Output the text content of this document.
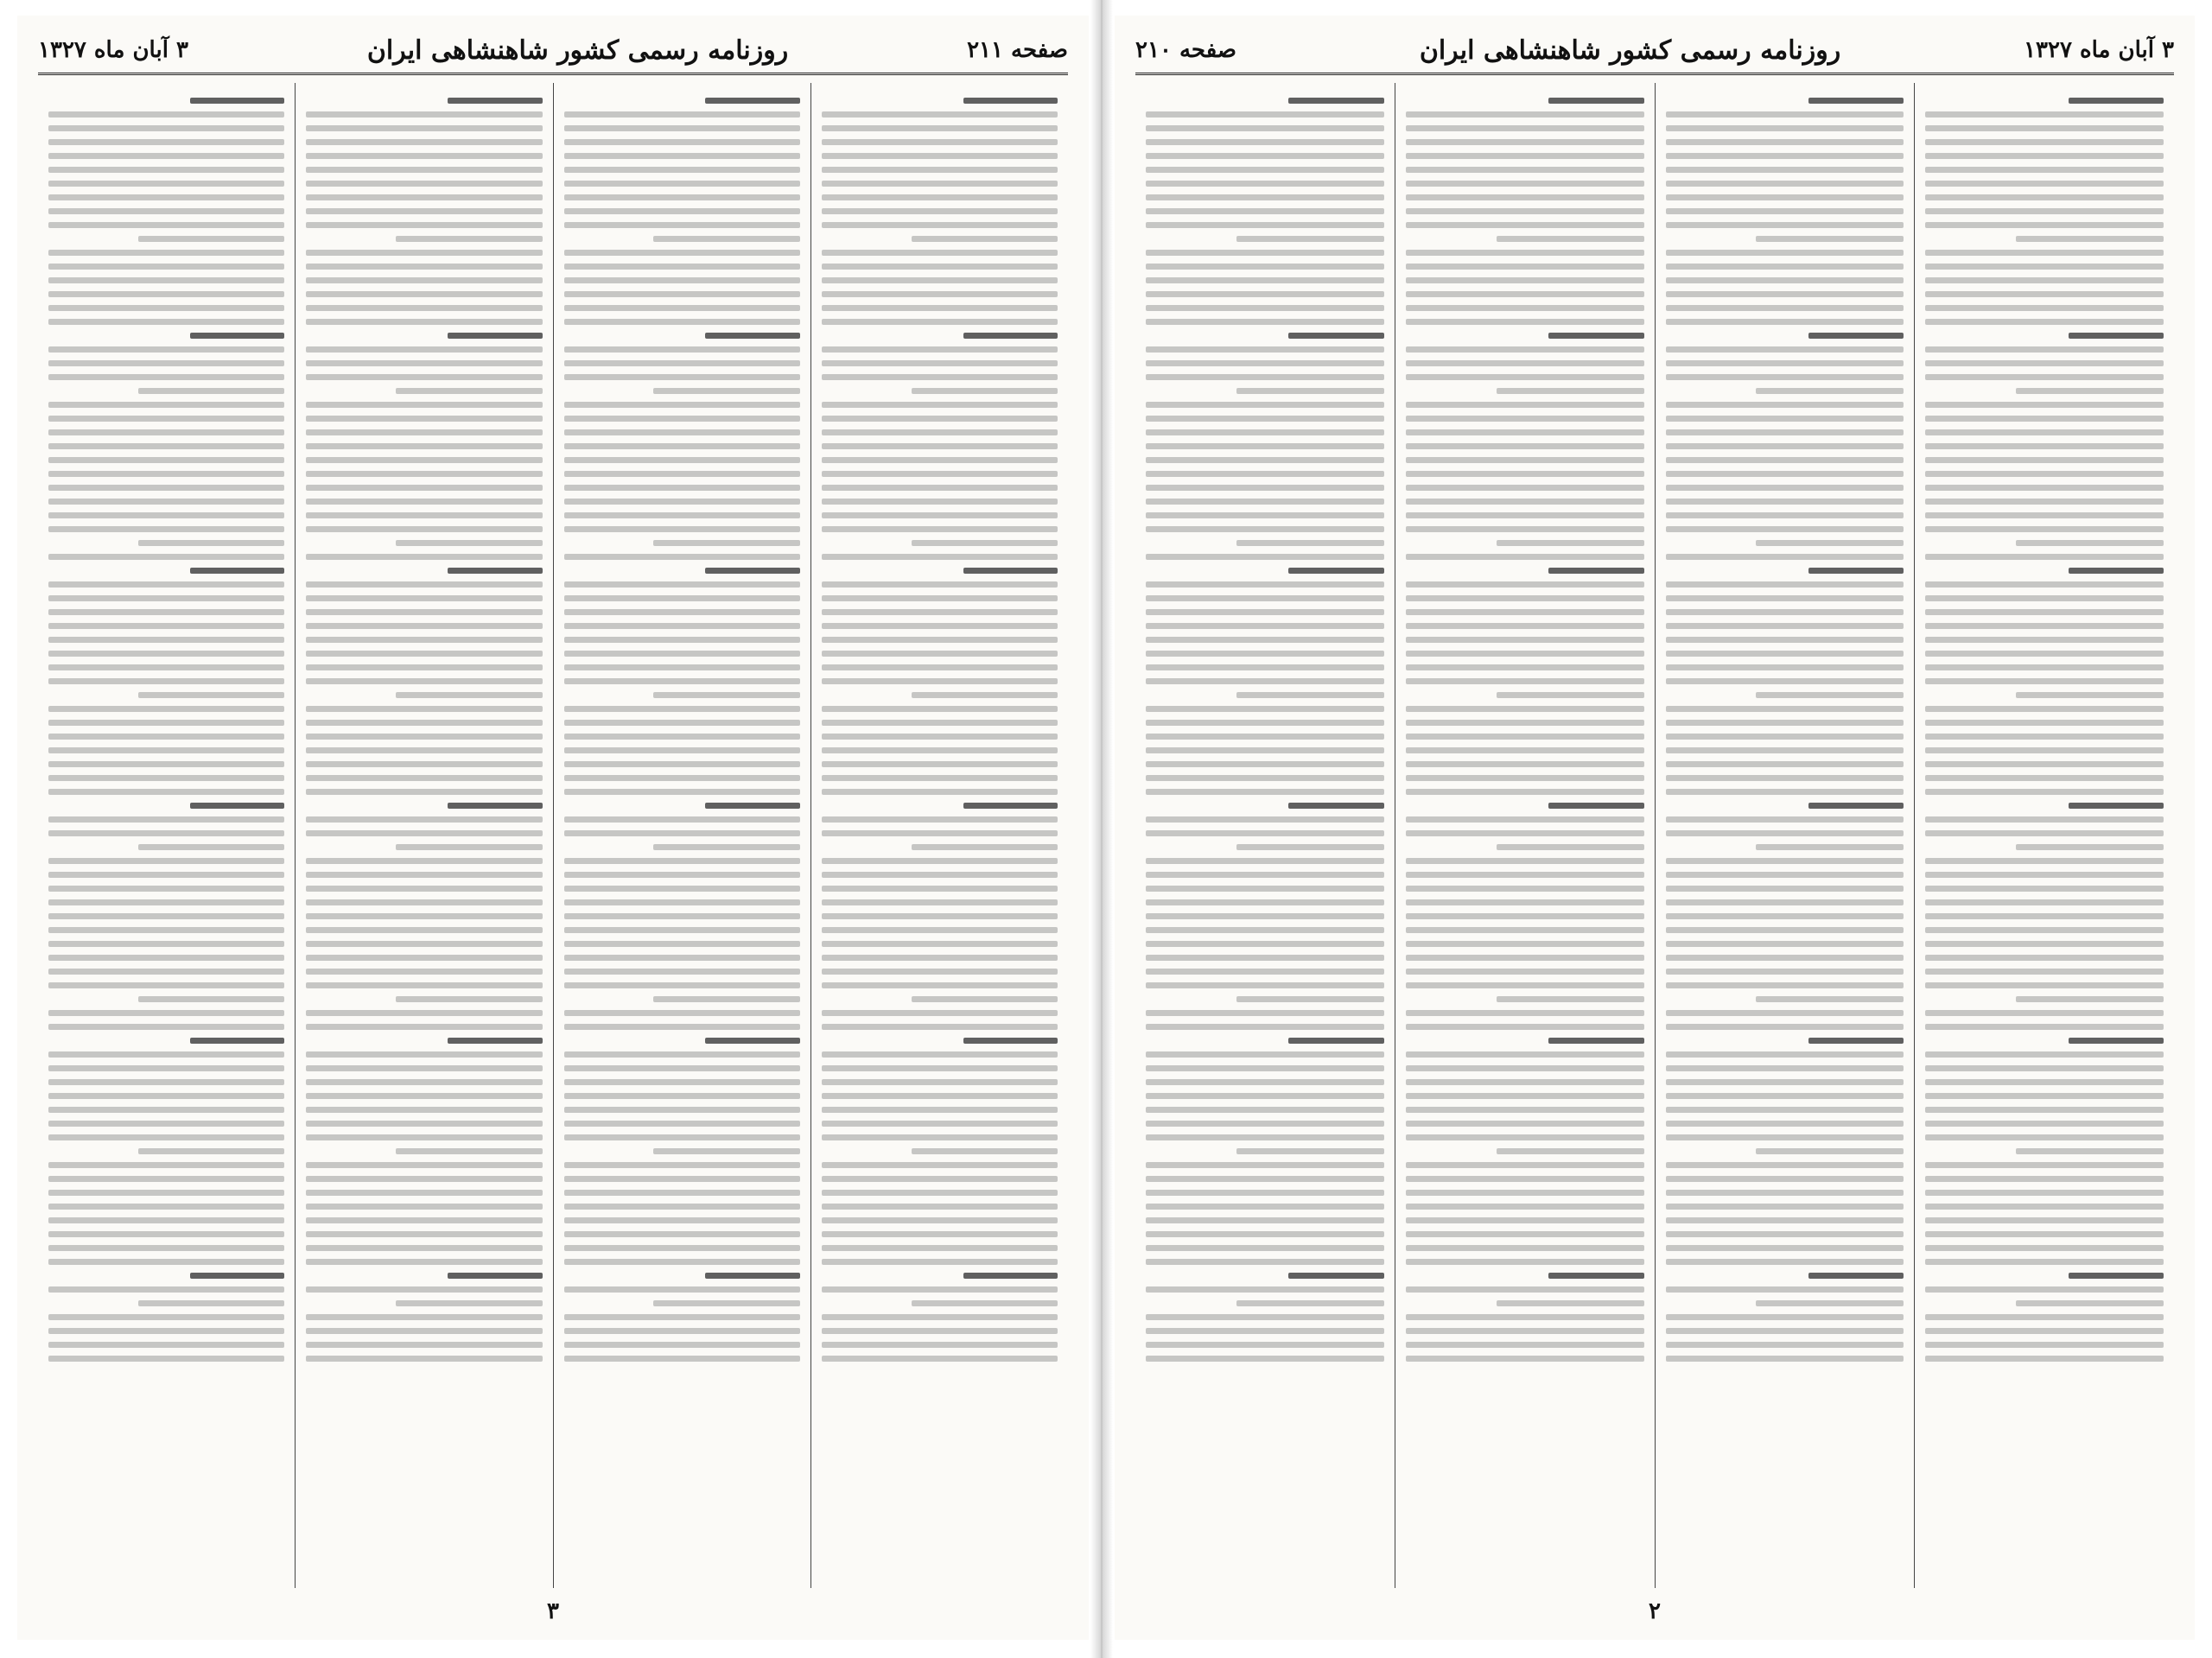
صفحه ۲۱۱
روزنامه رسمی کشور شاهنشاهی ایران
۳ آبان ماه ۱۳۲۷
۳
۳ آبان ماه ۱۳۲۷
روزنامه رسمی کشور شاهنشاهی ایران
صفحه ۲۱۰
۲
